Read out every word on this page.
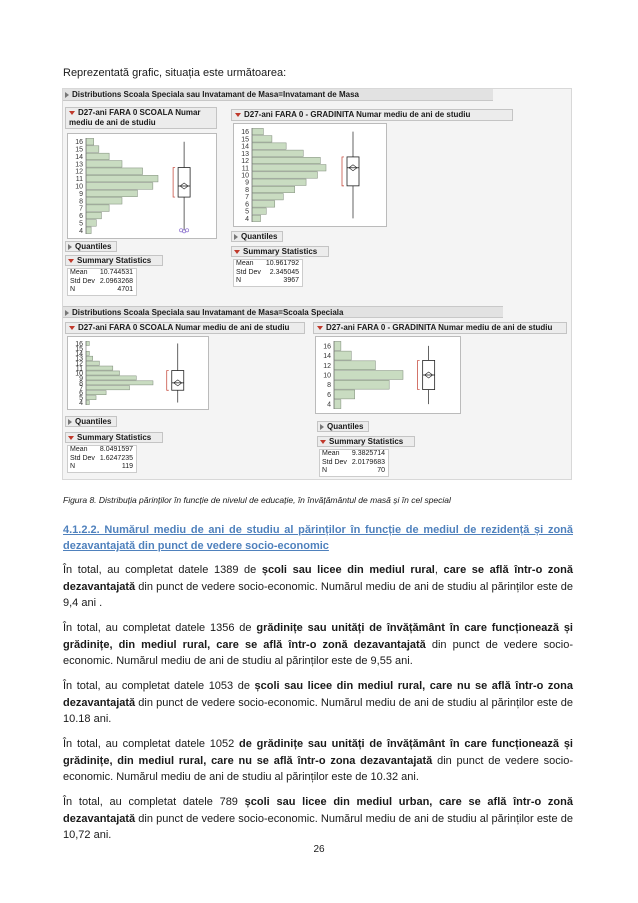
Reprezentată grafic, situația este următoarea:
Distributions Scoala Speciala sau Invatamant de Masa=Invatamant de Masa
D27-ani FARA 0 SCOALA Numar mediu de ani de studiu
4
5
6
7
8
9
10
11
12
13
14
15
16
Quantiles
Summary Statistics
Mean	10.744531
Std Dev 2.0963268
N	4701
D27-ani FARA 0 - GRADINITA Numar mediu de ani de studiu
4
5
6
7
8
9
10
11
12
13
14
15
16
Quantiles
Summary Statistics
Mean	10.961792
Std Dev	2.345045
N	3967
Distributions Scoala Speciala sau Invatamant de Masa=Scoala Speciala
D27-ani FARA 0 SCOALA Numar mediu de ani de studiu
4
5
6
7
8
9
10
11
12
13
14
15
16
Quantiles
Summary Statistics
Mean	8.0491597
Std Dev 1.6247235
N	119
D27-ani FARA 0 - GRADINITA Numar mediu de ani de studiu
4
6
8
10
12
14
16
Quantiles
Summary Statistics
Mean	9.3825714
Std Dev 2.0179683
N	70
Figura 8. Distribuția părinților în funcție de nivelul de educație, în învățământul de masă și în cel special
4.1.2.2. Numărul mediu de ani de studiu al părinților în funcție de mediul de rezidență și zonă dezavantajată din punct de vedere socio-economic
În total, au completat datele 1389 de școli sau licee din mediul rural, care se află într-o zonă dezavantajată din punct de vedere socio-economic. Numărul mediu de ani de studiu al părinților este de 9,4 ani .
În total, au completat datele 1356 de grădinițe sau unități de învățământ în care funcționează și grădinițe, din mediul rural, care se află într-o zonă dezavantajată din punct de vedere socio-economic. Numărul mediu de ani de studiu al părinților este de 9,55 ani.
În total, au completat datele 1053 de școli sau licee din mediul rural, care nu se află într-o zona dezavantajată din punct de vedere socio-economic. Numărul mediu de ani de studiu al părinților este de 10.18 ani.
În total, au completat datele 1052 de grădinițe sau unități de învățământ în care funcționează și grădinițe, din mediul rural, care nu se află într-o zona dezavantajată din punct de vedere socio-economic. Numărul mediu de ani de studiu al părinților este de 10.32 ani.
În total, au completat datele 789 școli sau licee din mediul urban, care se află într-o zonă dezavantajată din punct de vedere socio-economic. Numărul mediu de ani de studiu al părinților este de 10,72 ani.
26
